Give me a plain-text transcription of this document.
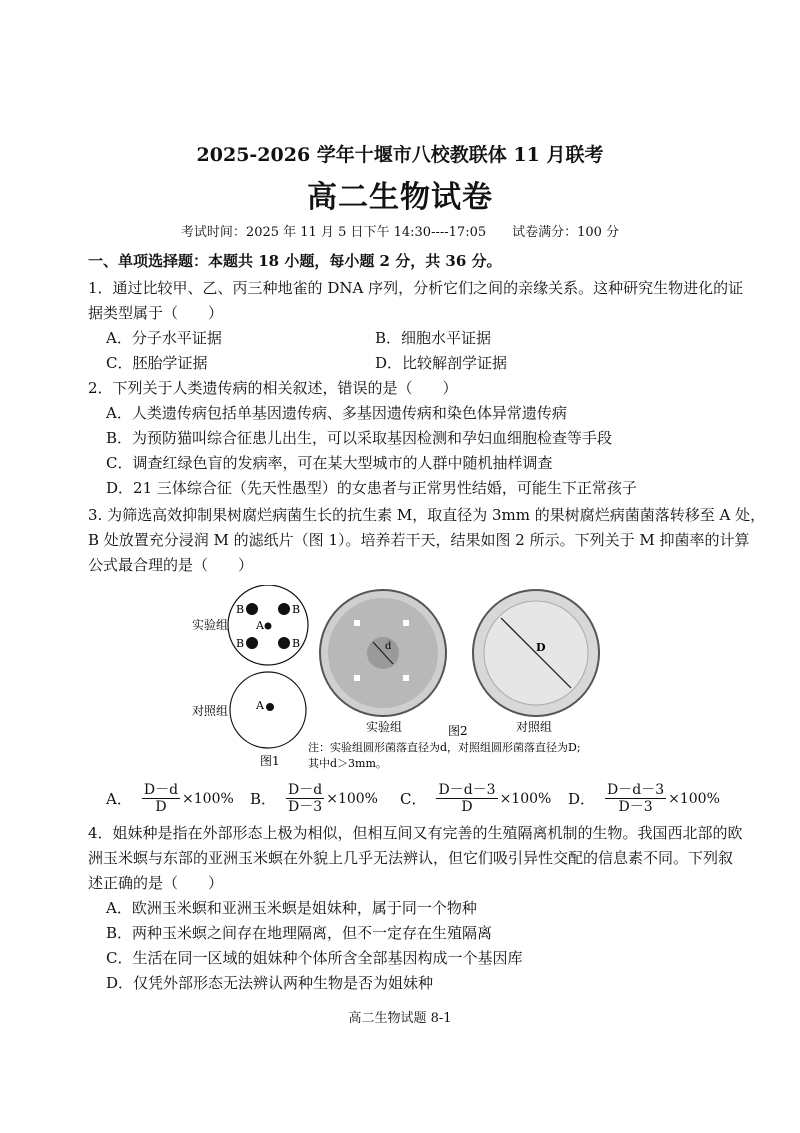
2025-2026 学年十堰市八校教联体 11 月联考
高二生物试卷
考试时间：2025 年 11 月 5 日下午 14:30----17:05　　试卷满分：100 分
一、单项选择题：本题共 18 小题，每小题 2 分，共 36 分。
1．通过比较甲、乙、丙三种地雀的 DNA 序列，分析它们之间的亲缘关系。这种研究生物进化的证
据类型属于（　　）
A．分子水平证据	B．细胞水平证据
C．胚胎学证据	D．比较解剖学证据
2．下列关于人类遗传病的相关叙述，错误的是（　　）
A．人类遗传病包括单基因遗传病、多基因遗传病和染色体异常遗传病
B．为预防猫叫综合征患儿出生，可以采取基因检测和孕妇血细胞检查等手段
C．调查红绿色盲的发病率，可在某大型城市的人群中随机抽样调查
D．21 三体综合征（先天性愚型）的女患者与正常男性结婚，可能生下正常孩子
3. 为筛选高效抑制果树腐烂病菌生长的抗生素 M，取直径为 3mm 的果树腐烂病菌菌落转移至 A 处，
B 处放置充分浸润 M 的滤纸片（图 1）。培养若干天，结果如图 2 所示。下列关于 M 抑菌率的计算
公式最合理的是（　　）
实验组
B	B
B	B
A
对照组	A
图1
d
实验组
D
对照组
图2
注：实验组圆形菌落直径为d，对照组圆形菌落直径为D;
其中d＞3mm。
A． $\frac{D-d}{D} \times 100\%$ B． $\frac{D-d}{D-3} \times 100\%$ C． $\frac{D-d-3}{D} \times 100\%$ D． $\frac{D-d-3}{D-3} \times 100\%$
4．姐妹种是指在外部形态上极为相似，但相互间又有完善的生殖隔离机制的生物。我国西北部的欧
洲玉米螟与东部的亚洲玉米螟在外貌上几乎无法辨认，但它们吸引异性交配的信息素不同。下列叙
述正确的是（　　）
A．欧洲玉米螟和亚洲玉米螟是姐妹种，属于同一个物种
B．两种玉米螟之间存在地理隔离，但不一定存在生殖隔离
C．生活在同一区域的姐妹种个体所含全部基因构成一个基因库
D．仅凭外部形态无法辨认两种生物是否为姐妹种
高二生物试题 8-1
